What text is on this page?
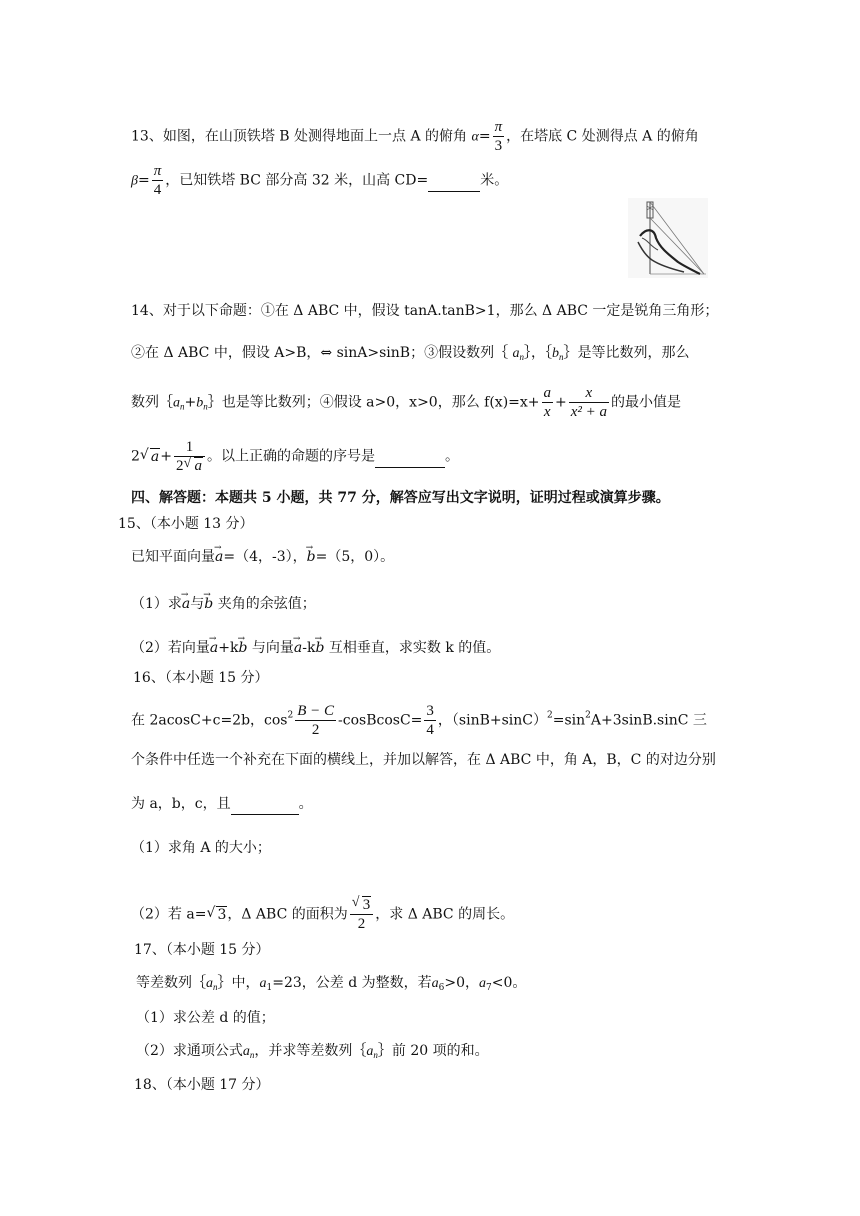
13、如图，在山顶铁塔 B 处测得地面上一点 A 的俯角 $\alpha= \frac{\pi}{3}$ ，在塔底 C 处测得点 A 的俯角
$\beta= \frac{\pi}{4}$ ，已知铁塔 BC 部分高 32 米，山高 CD=	米。
14、对于以下命题：①在 Δ ABC 中，假设 tanA.tanB>1，那么 Δ ABC 一定是锐角三角形；
②在 Δ ABC 中，假设 A>B，⇔ sinA>sinB；③假设数列｛ $a_n\}$，$\{b_n\}$是等比数列，那么
数列$\{a_n+b_n\}$也是等比数列；④假设 a>0，x>0，那么 $f(x)=x+ \frac{a}{x} + \frac{x}{\text{x² + a}}$ 的最小值是
2 √ $a+ \frac{1}{2 √ a}$ 。以上正确的命题的序号是	。
四、解答题：本题共 5 小题，共 77 分，解答应写出文字说明，证明过程或演算步骤。
15、（本小题 13 分）
已知平面向量→ a=（4，-3），→ b=（5，0）。
（1）求→ a与→ b 夹角的余弦值；
（2）若向量→ a+k→ b 与向量→ a-k→ b 互相垂直，求实数 k 的值。
16、（本小题 15 分）
在 2acosC+c=2b，$\cos^2 \frac{B - C}{2}$ -cosBcosC= $\frac{3}{4}$ ，$(\sin B+\sin C)^2=\sin^2A+3\sin B.\sin C$ 三
个条件中任选一个补充在下面的横线上，并加以解答，在 Δ ABC 中，角 A，B，C 的对边分别
为 a，b，c，且	。
（1）求角 A 的大小；
（2）若 a= √ 3，Δ ABC 的面积为 $\frac{√ 3}{2}$ ，求 Δ ABC 的周长。
17、（本小题 15 分）
等差数列$\{a_n\}$中，$a_1=23$，公差 d 为整数，若$a_6>0$，$a_7<0$。
（1）求公差 d 的值；
（2）求通项公式$a_n$，并求等差数列$\{a_n\}$前 20 项的和。
18、（本小题 17 分）
